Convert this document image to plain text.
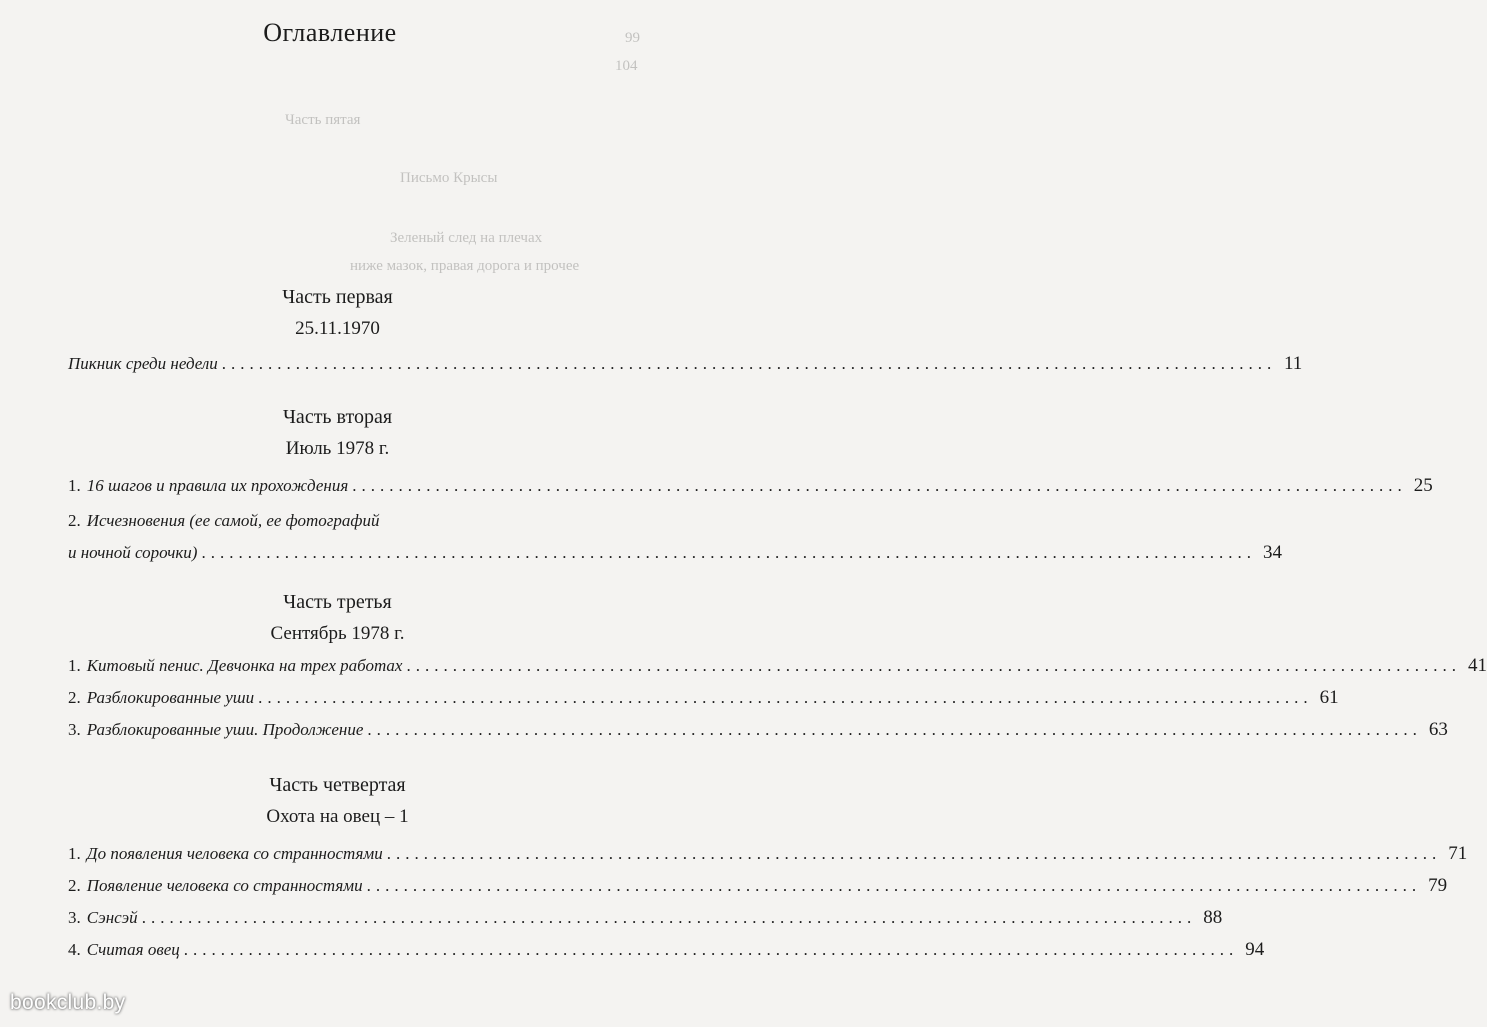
99
104
Часть пятая
Письмо Крысы
Зеленый след на плечах
ниже мазок, правая дорога и прочее
Оглавление
Часть первая
25.11.1970
Пикник среди недели .................................................................................................................. 11
Часть вторая
Июль 1978 г.
1. 16 шагов и правила их прохождения .................................................................................................................. 25
2. Исчезновения (ее самой, ее фотографий
и ночной сорочки) .................................................................................................................. 34
Часть третья
Сентябрь 1978 г.
1. Китовый пенис. Девчонка на трех работах .................................................................................................................. 41
2. Разблокированные уши .................................................................................................................. 61
3. Разблокированные уши. Продолжение .................................................................................................................. 63
Часть четвертая
Охота на овец – 1
1. До появления человека со странностями .................................................................................................................. 71
2. Появление человека со странностями .................................................................................................................. 79
3. Сэнсэй .................................................................................................................. 88
4. Считая овец .................................................................................................................. 94
bookclub.by
